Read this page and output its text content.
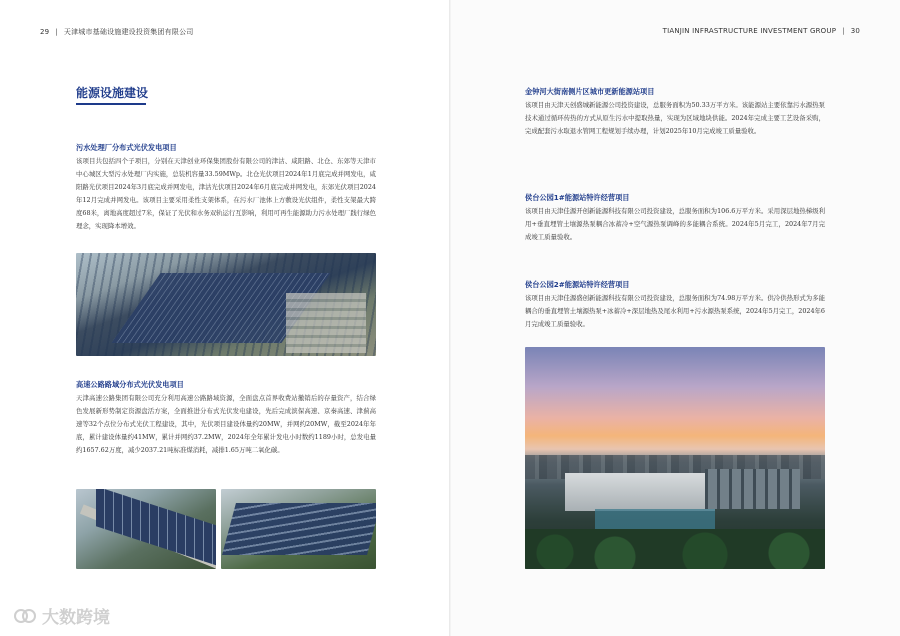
29 | 天津城市基础设施建设投资集团有限公司	TIANJIN INFRASTRUCTURE INVESTMENT GROUP | 30
能源设施建设
污水处理厂分布式光伏发电项目
该项目共包括四个子项目，分别在天津创业环保集团股份有限公司的津沽、咸阳路、北仓、东郊等天津市中心城区大型污水处理厂内实施，总装机容量33.59MWp。北仓光伏项目2024年1月底完成并网发电，咸阳路光伏项目2024年3月底完成并网发电，津沽光伏项目2024年6月底完成并网发电，东郊光伏项目2024年12月完成并网发电。该项目主要采用柔性支架体系，在污水厂池体上方敷设光伏组件，柔性支架最大跨度68米，离地高度超过7米，保证了光伏和水务双轨运行互影响，利用可再生能源助力污水处理厂践行绿色理念，实现降本增效。
高速公路路域分布式光伏发电项目
天津高速公路集团有限公司充分利用高速公路路域资源，全面盘点首界收费站撤销后的存量资产，结合绿色发展新形势制定资源盘活方案，全面推进分布式光伏发电建设，先后完成滨保高速、京秦高速、津蓟高速等32个点位分布式光伏工程建设，其中，光伏项目建设体量约20MW，并网约20MW，截至2024年年底，累计建设体量约41MW，累计并网约37.2MW，2024年全年累计发电小时数约1189小时，总发电量约1657.62万度，减少2037.21吨标准煤消耗，减排1.65万吨二氧化碳。
金钟河大街南侧片区城市更新能源站项目
该项目由天津天创盛城新能源公司投资建设，总服务面积为50.33万平方米。该能源站主要依靠污水源热泵技术通过循环传热的方式从原生污水中提取热量，实现为区域地块供能。2024年完成主要工艺设备采购，完成配套污水取退水管网工程规划手续办理，计划2025年10月完成竣工质量验收。
侯台公园1#能源站特许经营项目
该项目由天津佳源开创新能源科技有限公司投资建设，总服务面积为106.6万平方米。采用深层地热梯级利用+垂直埋管土壤源热泵耦合冰蓄冷+空气源热泵调峰的多能耦合系统。2024年5月完工，2024年7月完成竣工质量验收。
侯台公园2#能源站特许经营项目
该项目由天津佳源盛创新能源科技有限公司投资建设，总服务面积为74.98万平方米。供冷供热形式为多能耦合的垂直埋管土壤源热泵+冰蓄冷+深层地热及尾水利用+污水源热泵系统，2024年5月完工，2024年6月完成竣工质量验收。
大数跨境
